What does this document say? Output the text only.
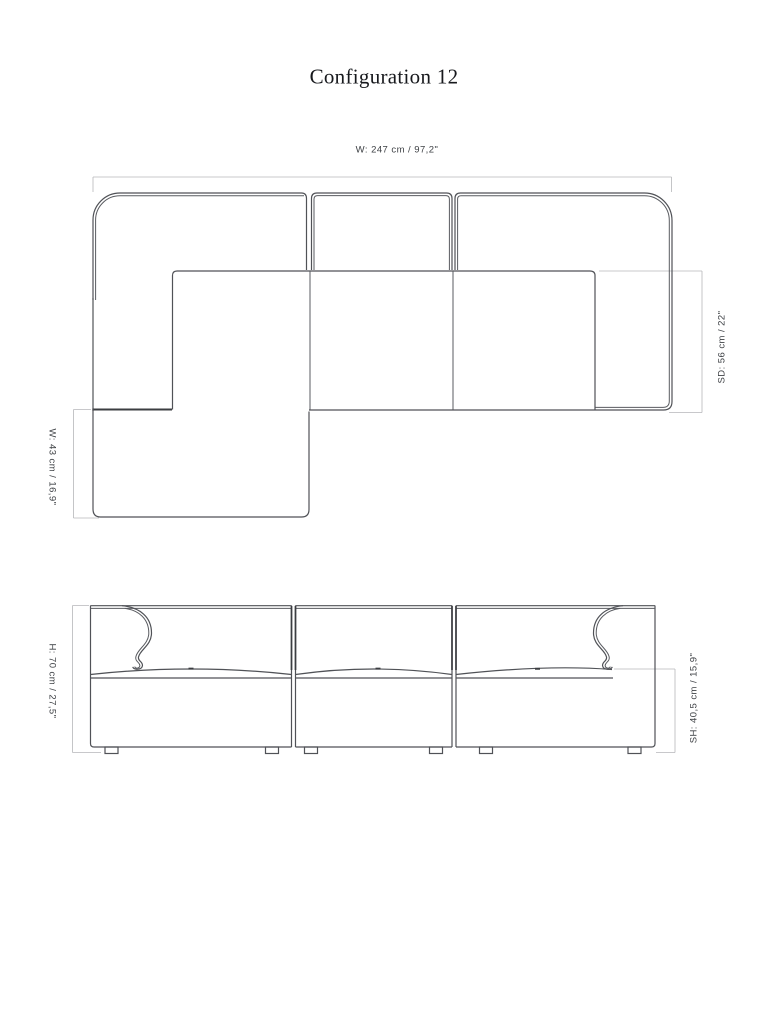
Configuration 12
W: 247 cm / 97,2"
SD: 56 cm / 22"
W: 43 cm / 16,9"
H: 70 cm / 27,5"	SH: 40,5 cm / 15,9"
